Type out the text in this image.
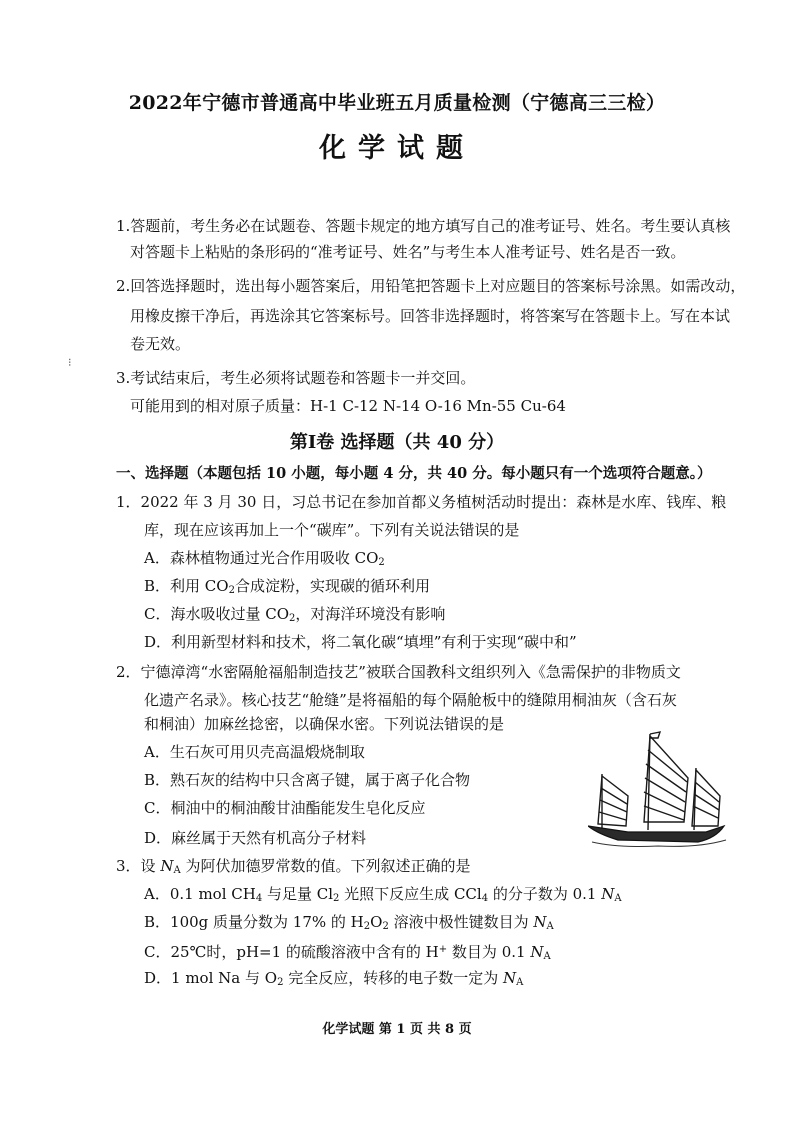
2022年宁德市普通高中毕业班五月质量检测（宁德高三三检）
化学试题
1.答题前，考生务必在试题卷、答题卡规定的地方填写自己的准考证号、姓名。考生要认真核
对答题卡上粘贴的条形码的“准考证号、姓名”与考生本人准考证号、姓名是否一致。
2.回答选择题时，选出每小题答案后，用铅笔把答题卡上对应题目的答案标号涂黑。如需改动，
用橡皮擦干净后，再选涂其它答案标号。回答非选择题时，将答案写在答题卡上。写在本试
卷无效。
3.考试结束后，考生必须将试题卷和答题卡一并交回。
可能用到的相对原子质量：H-1 C-12 N-14 O-16 Mn-55 Cu-64
⁝
第Ⅰ卷 选择题（共 40 分）
一、选择题（本题包括 10 小题，每小题 4 分，共 40 分。每小题只有一个选项符合题意。）
1．2022 年 3 月 30 日，习总书记在参加首都义务植树活动时提出：森林是水库、钱库、粮
库，现在应该再加上一个“碳库”。下列有关说法错误的是
A．森林植物通过光合作用吸收 $CO_2$
B．利用 $CO_2$合成淀粉，实现碳的循环利用
C．海水吸收过量 $CO_2$，对海洋环境没有影响
D．利用新型材料和技术，将二氧化碳“填埋”有利于实现“碳中和”
2．宁德漳湾“水密隔舱福船制造技艺”被联合国教科文组织列入《急需保护的非物质文
化遗产名录》。核心技艺“舱缝”是将福船的每个隔舱板中的缝隙用桐油灰（含石灰
和桐油）加麻丝捻密，以确保水密。下列说法错误的是
A．生石灰可用贝壳高温煅烧制取
B．熟石灰的结构中只含离子键，属于离子化合物
C．桐油中的桐油酸甘油酯能发生皂化反应
D．麻丝属于天然有机高分子材料
3．设 $N_A$ 为阿伏加德罗常数的值。下列叙述正确的是
A．0.1 mol $CH_4$ 与足量 $Cl_2$ 光照下反应生成 CCl$_4$ 的分子数为 0.1 $N_A$
B．100g 质量分数为 17% 的 $H_2O_2$ 溶液中极性键数目为 $N_A$
C．25℃时，pH=1 的硫酸溶液中含有的 H+ 数目为 0.1 $N_A$
D．1 mol Na 与 $O_2$ 完全反应，转移的电子数一定为 $N_A$
化学试题 第 1 页 共 8 页
